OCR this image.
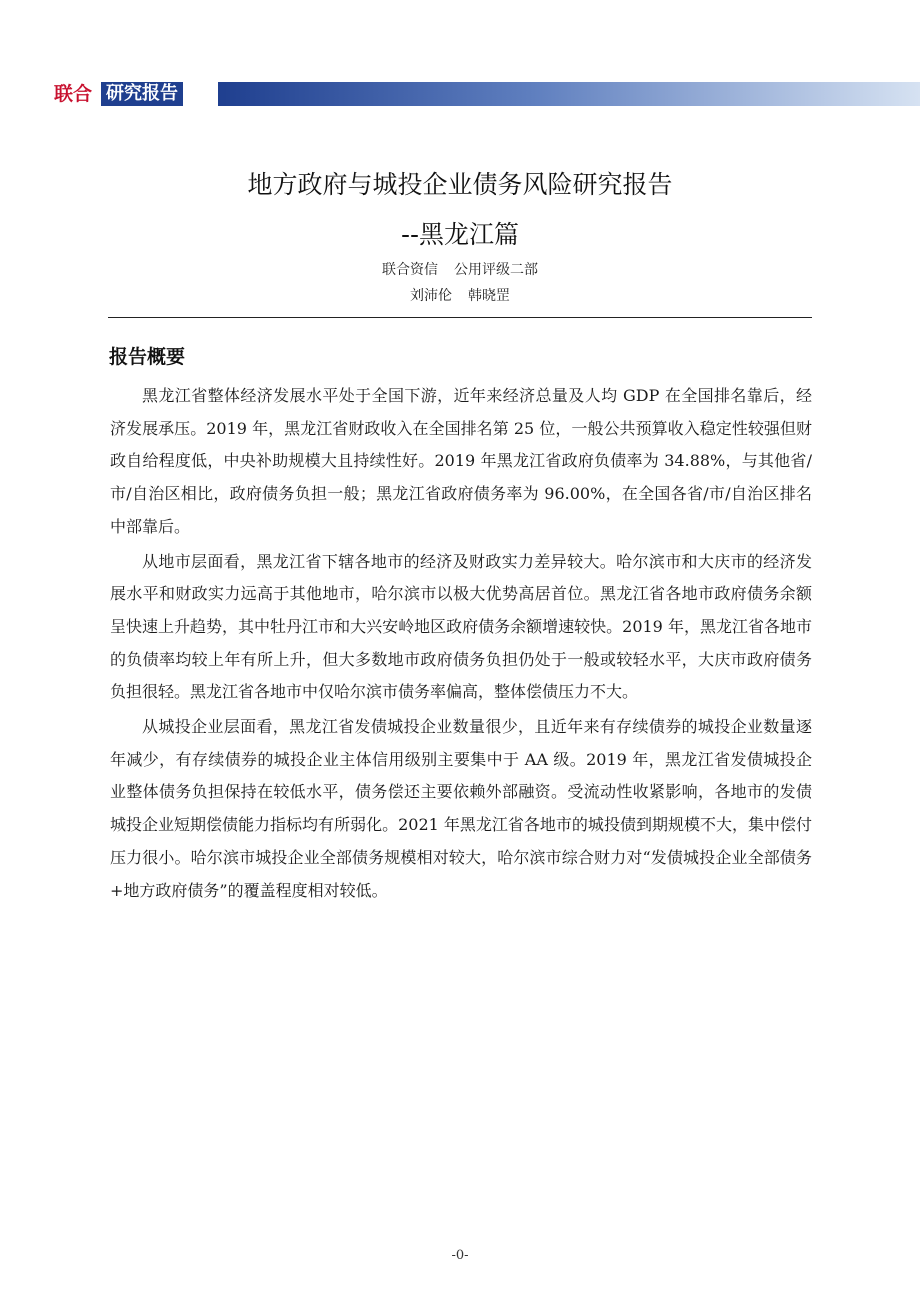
联合 研究报告
地方政府与城投企业债务风险研究报告
--黑龙江篇
联合资信 公用评级二部
刘沛伦 韩晓罡
报告概要

黑龙江省整体经济发展水平处于全国下游，近年来经济总量及人均 GDP 在全国排名靠后，经济发展承压。2019 年，黑龙江省财政收入在全国排名第 25 位，一般公共预算收入稳定性较强但财政自给程度低，中央补助规模大且持续性好。2019 年黑龙江省政府负债率为 34.88%，与其他省/市/自治区相比，政府债务负担一般；黑龙江省政府债务率为 96.00%，在全国各省/市/自治区排名中部靠后。

从地市层面看，黑龙江省下辖各地市的经济及财政实力差异较大。哈尔滨市和大庆市的经济发展水平和财政实力远高于其他地市，哈尔滨市以极大优势高居首位。黑龙江省各地市政府债务余额呈快速上升趋势，其中牡丹江市和大兴安岭地区政府债务余额增速较快。2019 年，黑龙江省各地市的负债率均较上年有所上升，但大多数地市政府债务负担仍处于一般或较轻水平，大庆市政府债务负担很轻。黑龙江省各地市中仅哈尔滨市债务率偏高，整体偿债压力不大。

从城投企业层面看，黑龙江省发债城投企业数量很少，且近年来有存续债券的城投企业数量逐年减少，有存续债券的城投企业主体信用级别主要集中于 AA 级。2019 年，黑龙江省发债城投企业整体债务负担保持在较低水平，债务偿还主要依赖外部融资。受流动性收紧影响，各地市的发债城投企业短期偿债能力指标均有所弱化。2021 年黑龙江省各地市的城投债到期规模不大，集中偿付压力很小。哈尔滨市城投企业全部债务规模相对较大，哈尔滨市综合财力对“发债城投企业全部债务+地方政府债务”的覆盖程度相对较低。

-0-
